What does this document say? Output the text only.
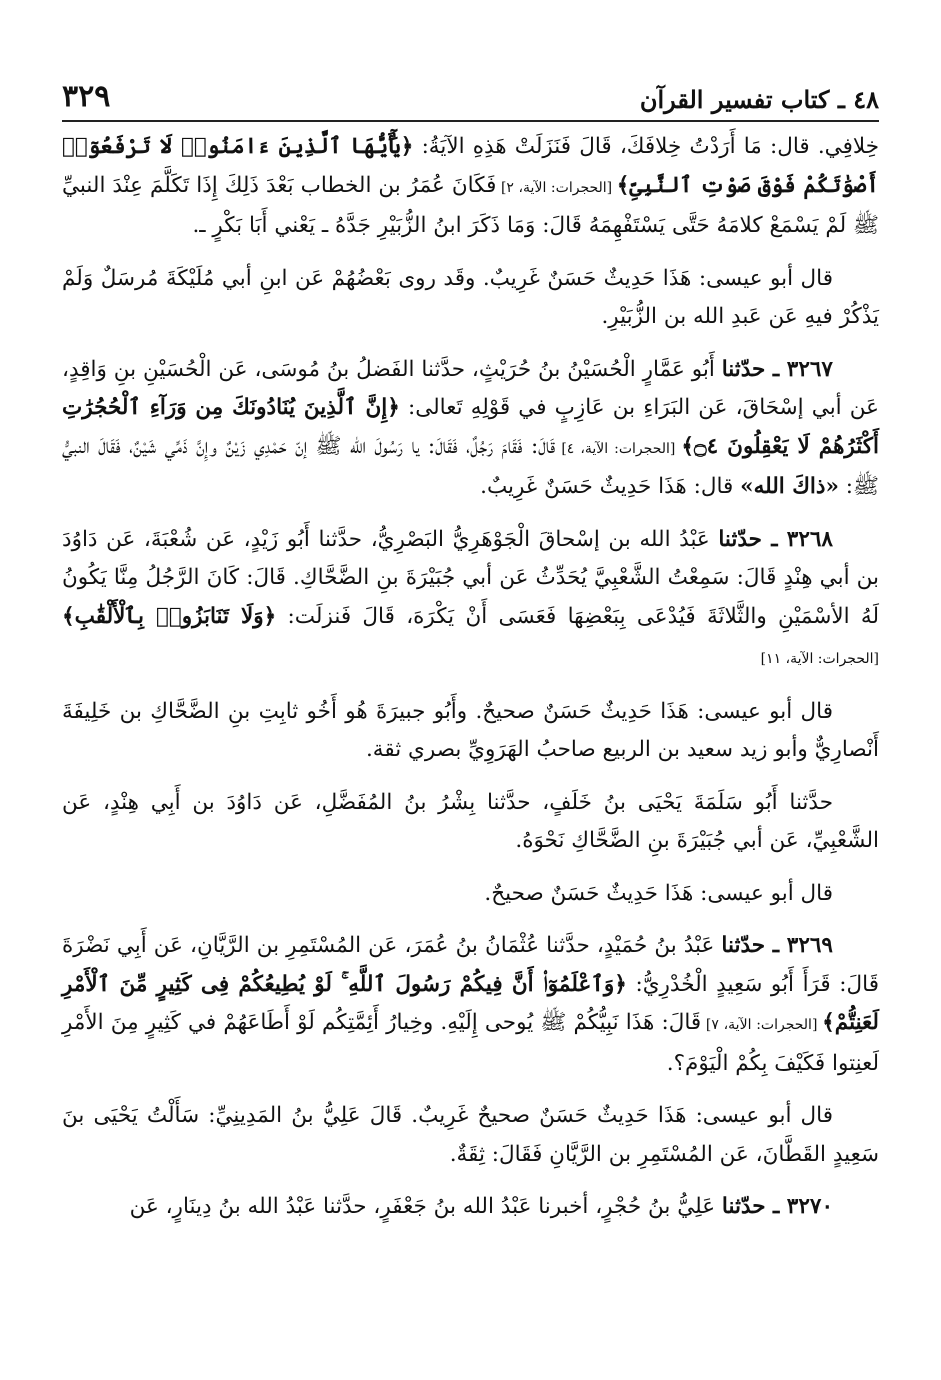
٣٢٩	٤٨ ـ كتاب تفسير القرآن

خِلافِي. قال: مَا أَرَدْتُ خِلافَكَ، قَالَ فَنَزَلَتْ هَذِهِ الآيَةُ: ﴿يَٰٓأَيُّهَا ٱلَّذِينَ ءَامَنُوا۟ لَا تَرْفَعُوٓا۟ أَصْوَٰتَكُمْ فَوْقَ صَوْتِ ٱلنَّبِىِّ﴾ [الحجرات: الآية، ٢] فَكَانَ عُمَرُ بن الخطاب بَعْدَ ذَلِكَ إِذَا تَكَلَّمَ عِنْدَ النبيِّ ﷺ لَمْ يَسْمَعْ كلامَهُ حَتَّى يَسْتَفْهِمَهُ قَالَ: وَمَا ذَكَرَ ابنُ الزُّبَيْرِ جَدَّهُ ـ يَعْني أَبَا بَكْرٍ ـ.

قال أبو عيسى: هَذَا حَدِيثٌ حَسَنٌ غَرِيبٌ. وقَد روى بَعْضُهُمْ عَن ابنِ أبي مُلَيْكَةَ مُرسَلٌ وَلَمْ يَذْكُرْ فيهِ عَن عَبدِ الله بن الزُّبَيْرِ.

٣٢٦٧ ـ حدّثنا أَبُو عَمَّارٍ الْحُسَيْنُ بنُ حُرَيْثٍ، حدَّثنا الفَضلُ بنُ مُوسَى، عَن الْحُسَيْنِ بنِ وَاقِدٍ، عَن أبي إسْحَاقَ، عَن البَرَاءِ بن عَازِبٍ في قَوْلِهِ تَعالى: ﴿إِنَّ ٱلَّذِينَ يُنَادُونَكَ مِن وَرَآءِ ٱلْحُجُرَٰتِ أَكْثَرُهُمْ لَا يَعْقِلُونَ ۝٤﴾ [الحجرات: الآية، ٤] قَالَ: فَقَامَ رَجُلٌ، فَقَالَ: يا رَسُولَ الله ﷺ إنّ حَمْدِي زَيْنٌ وإِنَّ ذَمِّي شَيْنٌ، فَقَالَ النبيُّ ﷺ: «ذاكَ الله» قال: هَذَا حَدِيثٌ حَسَنٌ غَرِيبٌ.

٣٢٦٨ ـ حدّثنا عَبْدُ الله بن إسْحاقَ الْجَوْهَرِيُّ البَصْرِيُّ، حدَّثنا أَبُو زَيْدٍ، عَن شُعْبَةَ، عَن دَاوُدَ بن أبي هِنْدٍ قَالَ: سَمِعْتُ الشَّعْبِيَّ يُحَدِّثُ عَن أبي جُبَيْرَةَ بنِ الضَّحَّاكِ. قَالَ: كَانَ الرَّجُلُ مِنَّا يَكُونُ لَهُ الأسْمَيْنِ والثَّلاثَةَ فَيُدْعَى بِبَعْضِهَا فَعَسَى أَنْ يَكْرَهَ، قَالَ فَنزلَت: ﴿وَلَا تَنَابَزُوا۟ بِٱلْأَلْقَٰبِ﴾ [الحجرات: الآية، ١١]

قال أبو عيسى: هَذَا حَدِيثٌ حَسَنٌ صحيحٌ. وأَبُو جبيرَةَ هُو أَخُو ثابِتِ بنِ الضَّحَّاكِ بن خَلِيفَةَ أَنْصارِيٌّ وأبو زيد سعيد بن الربيع صاحبُ الهَرَوِيِّ بصري ثقة.

حدَّثنا أَبُو سَلَمَةَ يَحْيَى بنُ خَلَفٍ، حدَّثنا بِشْرُ بنُ المُفَضَّلِ، عَن دَاوُدَ بن أَبِي هِنْدٍ، عَن الشَّعْبِيِّ، عَن أبي جُبَيْرَةَ بنِ الضَّحَّاكِ نَحْوَهُ.

قال أبو عيسى: هَذَا حَدِيثٌ حَسَنٌ صحيحٌ.

٣٢٦٩ ـ حدّثنا عَبْدُ بنُ حُمَيْدٍ، حدَّثنا عُثْمَانُ بنُ عُمَرَ، عَن المُسْتَمِرِ بن الرَّيَّانِ، عَن أَبِي نَضْرَةَ قَالَ: قَرَأَ أَبُو سَعِيدٍ الْخُدْرِيُّ: ﴿وَٱعْلَمُوٓا۟ أَنَّ فِيكُمْ رَسُولَ ٱللَّهِ ۚ لَوْ يُطِيعُكُمْ فِى كَثِيرٍ مِّنَ ٱلْأَمْرِ لَعَنِتُّمْ﴾ [الحجرات: الآية، ٧] قَالَ: هَذَا نَبِيُّكُمْ ﷺ يُوحى إِلَيْهِ. وخِيارُ أَئِمَّتِكُم لَوْ أَطَاعَهُمْ في كَثِيرٍ مِنَ الأَمْرِ لَعنِتوا فَكَيْفَ بِكُمْ الْيَوْمَ؟.

قال أبو عيسى: هَذَا حَدِيثٌ حَسَنٌ صحيحٌ غَرِيبٌ. قَالَ عَلِيُّ بنُ المَدِينِيِّ: سَأَلْتُ يَحْيَى بنَ سَعِيدٍ القَطَّانَ، عَن المُسْتَمِرِ بن الرَّيَّانِ فَقَالَ: ثِقَةٌ.

٣٢٧٠ ـ حدّثنا عَلِيُّ بنُ حُجْرٍ، أخبرنا عَبْدُ الله بنُ جَعْفَرٍ، حدَّثنا عَبْدُ الله بنُ دِينَارٍ، عَن
